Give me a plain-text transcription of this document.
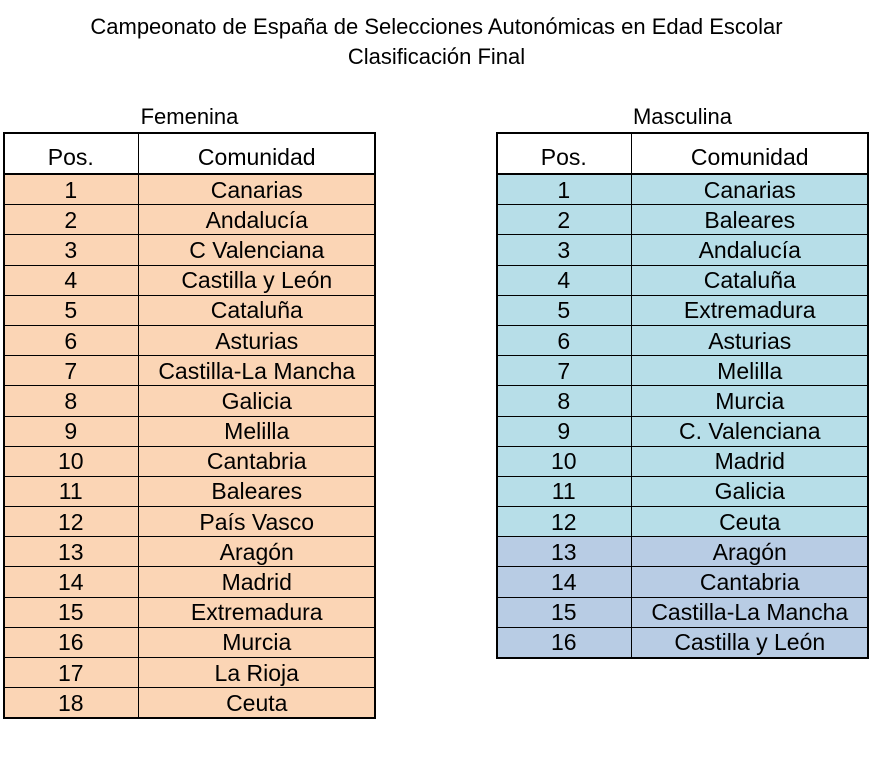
Campeonato de España de Selecciones Autonómicas en Edad Escolar
Clasificación Final
Femenina	Masculina
Pos.	Comunidad
1	Canarias
2	Andalucía
3	C Valenciana
4	Castilla y León
5	Cataluña
6	Asturias
7	Castilla-La Mancha
8	Galicia
9	Melilla
10	Cantabria
11	Baleares
12	País Vasco
13	Aragón
14	Madrid
15	Extremadura
16	Murcia
17	La Rioja
18	Ceuta
Pos.	Comunidad
1	Canarias
2	Baleares
3	Andalucía
4	Cataluña
5	Extremadura
6	Asturias
7	Melilla
8	Murcia
9	C. Valenciana
10	Madrid
11	Galicia
12	Ceuta
13	Aragón
14	Cantabria
15	Castilla-La Mancha
16	Castilla y León
